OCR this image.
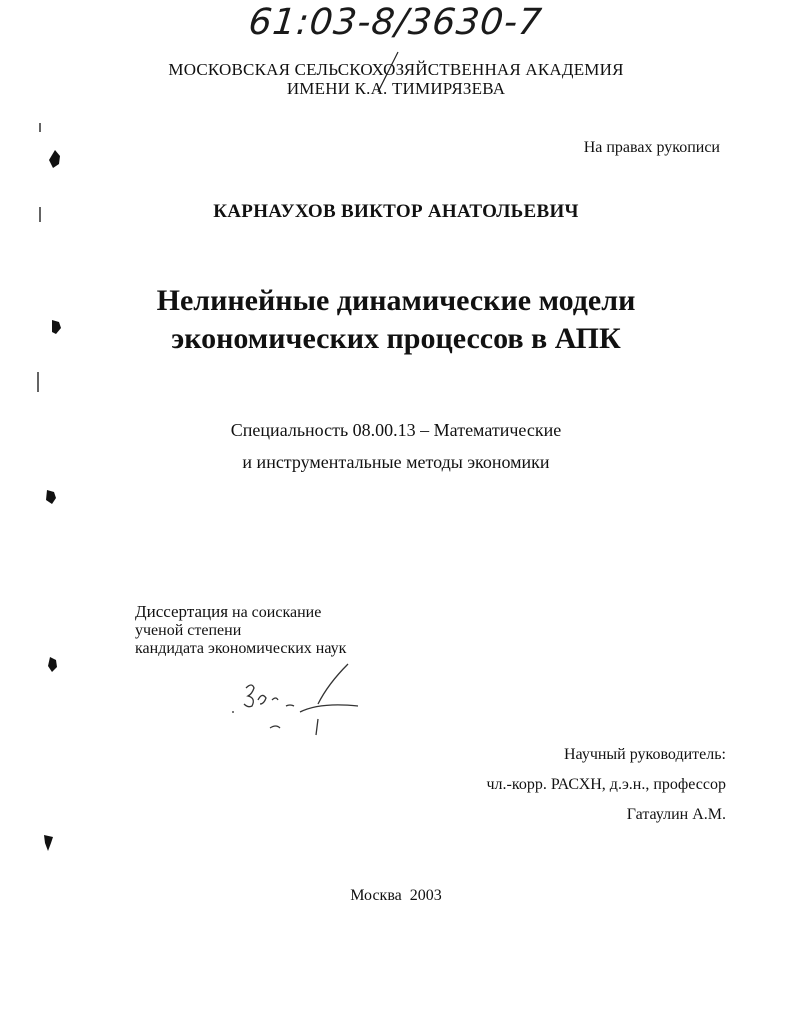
61:03-8/3630-7
МОСКОВСКАЯ СЕЛЬСКОХОЗЯЙСТВЕННАЯ АКАДЕМИЯ
ИМЕНИ К.А. ТИМИРЯЗЕВА
На правах рукописи
КАРНАУХОВ ВИКТОР АНАТОЛЬЕВИЧ
Нелинейные динамические модели
экономических процессов в АПК
Специальность 08.00.13 – Математические
и инструментальные методы экономики
Диссертация на соискание
ученой степени
кандидата экономических наук
Научный руководитель:
чл.-корр. РАСХН, д.э.н., профессор
Гатаулин А.М.
Москва  2003
